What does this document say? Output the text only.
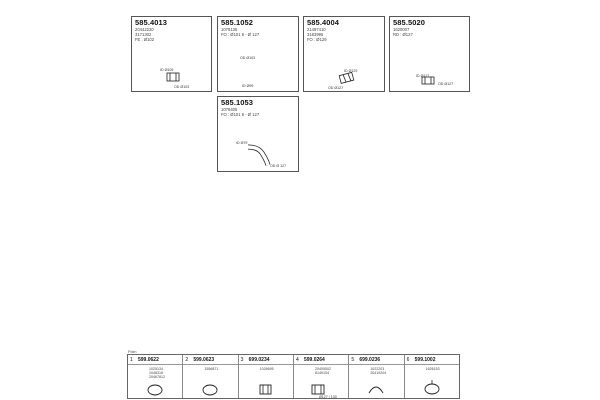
585.4013
20442220
3171302
FE : Ø102
ID Ø105
OD Ø103
585.1052
1076135
FO : Ø101 6 - Ø 127
OD Ø103
ID Ø99
585.4004
21497410
3183995
FO : Ø129
ID Ø129
OD Ø127
585.5020
1620007
RD : Ø127
ID Ø127
OD Ø127
585.1053
1076405
FO : Ø101 6 - Ø 127
ID Ø79
OD Ø 127
Fixin
1 599.0622
1025134
1048318
20467812
2 599.0623
1556871
3 699.0234
1026695
4 599.0264
20405002
8149104
Ø127 / 130
5 699.0236
1022203
20419204
6 599.1002
1626153
